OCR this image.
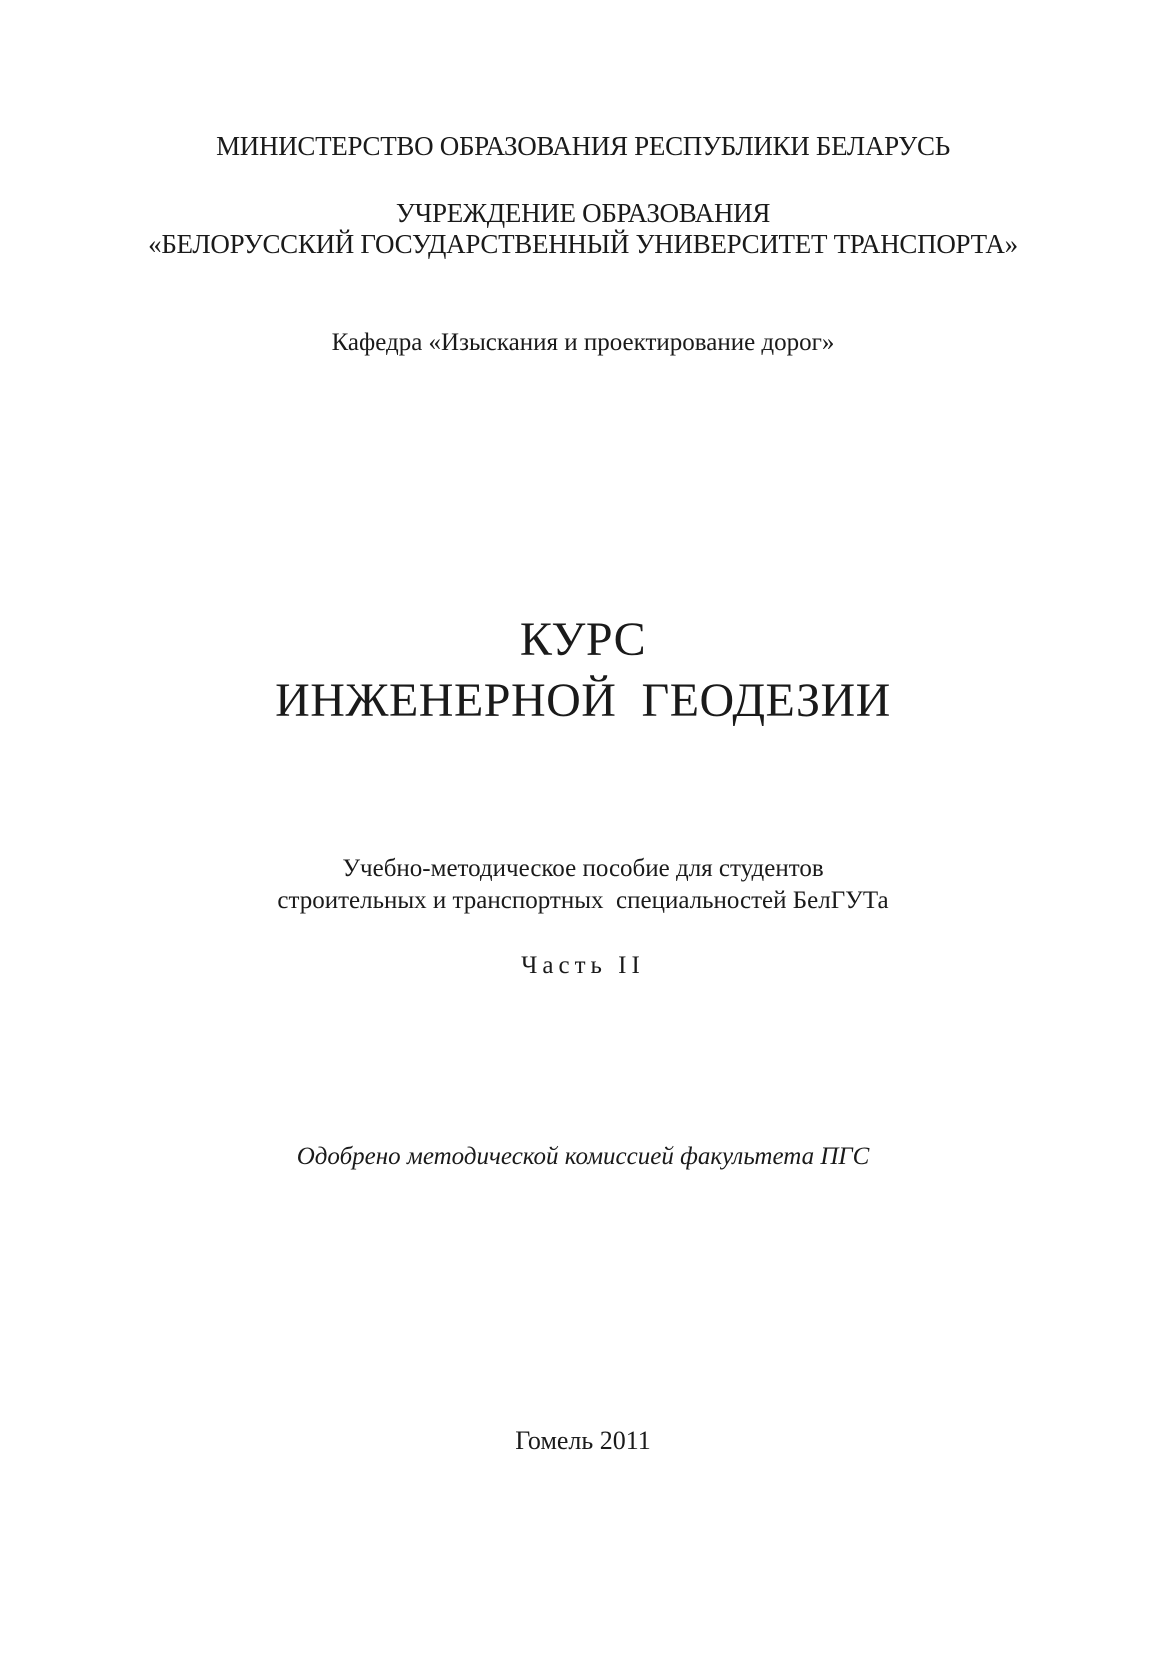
МИНИСТЕРСТВО ОБРАЗОВАНИЯ РЕСПУБЛИКИ БЕЛАРУСЬ
УЧРЕЖДЕНИЕ ОБРАЗОВАНИЯ
«БЕЛОРУССКИЙ ГОСУДАРСТВЕННЫЙ УНИВЕРСИТЕТ ТРАНСПОРТА»
Кафедра «Изыскания и проектирование дорог»
КУРС
ИНЖЕНЕРНОЙ  ГЕОДЕЗИИ
Учебно-методическое пособие для студентов
строительных и транспортных  специальностей БелГУТа
Часть II
Одобрено методической комиссией факультета ПГС
Гомель 2011
